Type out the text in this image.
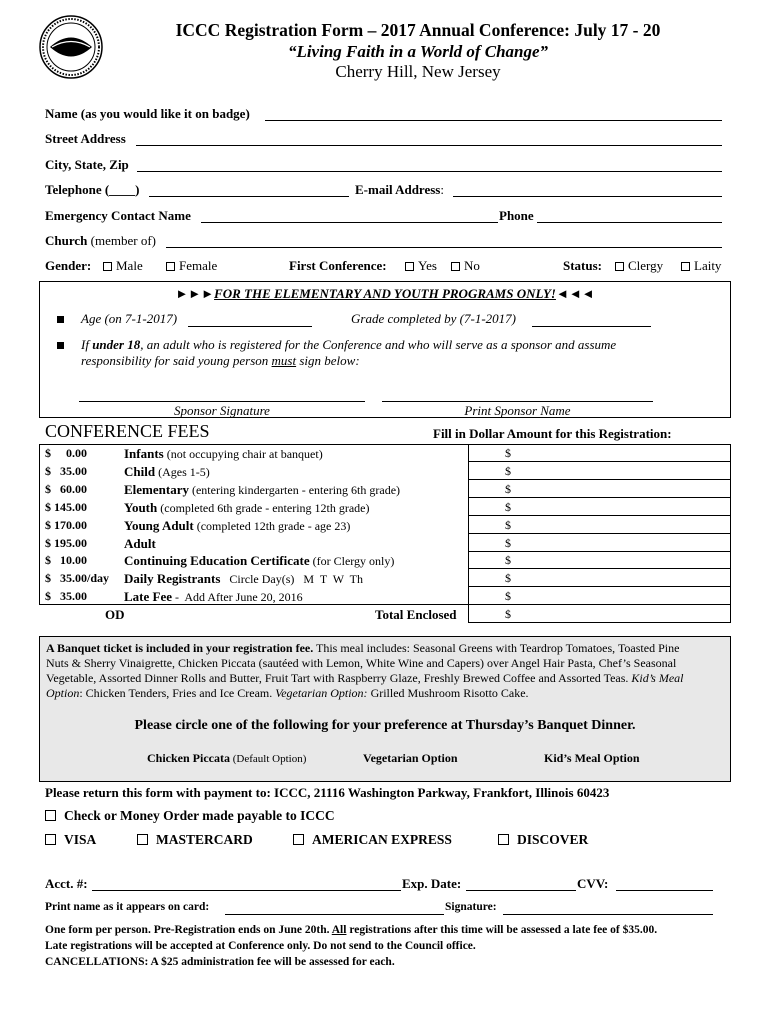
ICCC Registration Form – 2017 Annual Conference: July 17 - 20
“Living Faith in a World of Change”
Cherry Hill, New Jersey
Name (as you would like it on badge)
Street Address
City, State, Zip
Telephone (____)	E-mail Address:
Emergency Contact Name	Phone
Church (member of)
Gender:	Male	Female	First Conference:	Yes	No	Status:	Clergy	Laity
►►►FOR THE ELEMENTARY AND YOUTH PROGRAMS ONLY!◄◄◄
Age (on 7-1-2017)	Grade completed by (7-1-2017)
If under 18, an adult who is registered for the Conference and who will serve as a sponsor and assume
responsibility for said young person must sign below:
Sponsor Signature	Print Sponsor Name
CONFERENCE FEES	Fill in Dollar Amount for this Registration:
$     0.00	Infants (not occupying chair at banquet)	$
$   35.00	Child (Ages 1-5)	$
$   60.00	Elementary (entering kindergarten - entering 6th grade)	$
$ 145.00	Youth (completed 6th grade - entering 12th grade)	$
$ 170.00	Young Adult (completed 12th grade - age 23)	$
$ 195.00	Adult	$
$   10.00	Continuing Education Certificate (for Clergy only)	$
$   35.00/day Daily Registrants   Circle Day(s)   M  T  W  Th	$
$   35.00	Late Fee -  Add After June 20, 2016	$
OD	Total Enclosed	$
A Banquet ticket is included in your registration fee. This meal includes: Seasonal Greens with Teardrop Tomatoes, Toasted Pine
Nuts & Sherry Vinaigrette, Chicken Piccata (sautéed with Lemon, White Wine and Capers) over Angel Hair Pasta, Chef’s Seasonal
Vegetable, Assorted Dinner Rolls and Butter, Fruit Tart with Raspberry Glaze, Freshly Brewed Coffee and Assorted Teas. Kid’s Meal
Option: Chicken Tenders, Fries and Ice Cream. Vegetarian Option: Grilled Mushroom Risotto Cake.
Please circle one of the following for your preference at Thursday’s Banquet Dinner.
Chicken Piccata (Default Option)	Vegetarian Option	Kid’s Meal Option
Please return this form with payment to: ICCC, 21116 Washington Parkway, Frankfort, Illinois 60423
Check or Money Order made payable to ICCC
VISA	MASTERCARD	AMERICAN EXPRESS	DISCOVER
Acct. #:	Exp. Date:	CVV:
Print name as it appears on card:	Signature:
One form per person. Pre-Registration ends on June 20th. All registrations after this time will be assessed a late fee of $35.00.
Late registrations will be accepted at Conference only. Do not send to the Council office.
CANCELLATIONS: A $25 administration fee will be assessed for each.
